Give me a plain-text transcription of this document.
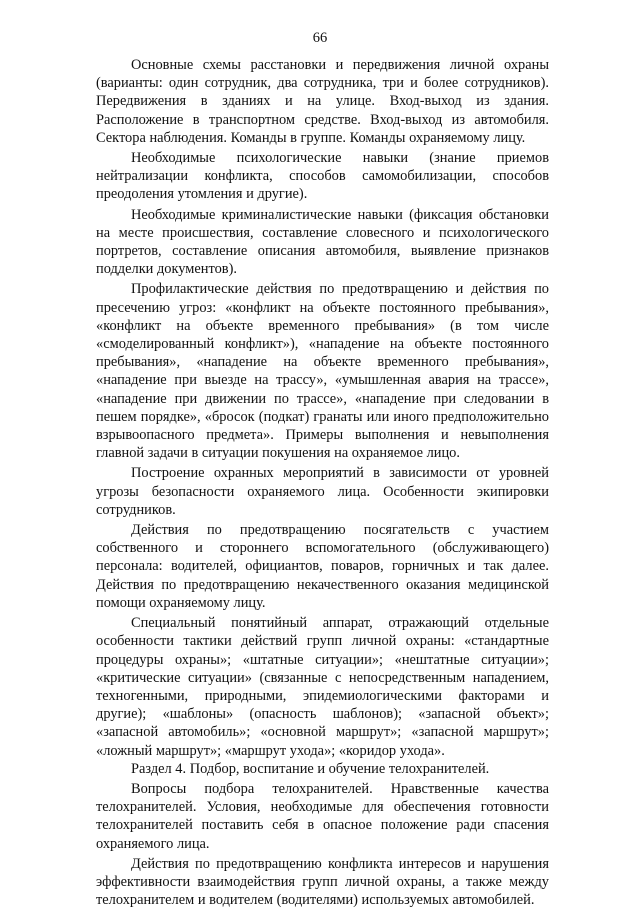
66

Основные схемы расстановки и передвижения личной охраны (варианты: один сотрудник, два сотрудника, три и более сотрудников). Передвижения в зданиях и на улице. Вход-выход из здания. Расположение в транспортном средстве. Вход-выход из автомобиля. Сектора наблюдения. Команды в группе. Команды охраняемому лицу.

Необходимые психологические навыки (знание приемов нейтрализации конфликта, способов самомобилизации, способов преодоления утомления и другие).

Необходимые криминалистические навыки (фиксация обстановки на месте происшествия, составление словесного и психологического портретов, составление описания автомобиля, выявление признаков подделки документов).

Профилактические действия по предотвращению и действия по пресечению угроз: «конфликт на объекте постоянного пребывания», «конфликт на объекте временного пребывания» (в том числе «смоделированный конфликт»), «нападение на объекте постоянного пребывания», «нападение на объекте временного пребывания», «нападение при выезде на трассу», «умышленная авария на трассе», «нападение при движении по трассе», «нападение при следовании в пешем порядке», «бросок (подкат) гранаты или иного предположительно взрывоопасного предмета». Примеры выполнения и невыполнения главной задачи в ситуации покушения на охраняемое лицо.

Построение охранных мероприятий в зависимости от уровней угрозы безопасности охраняемого лица. Особенности экипировки сотрудников.

Действия по предотвращению посягательств с участием собственного и стороннего вспомогательного (обслуживающего) персонала: водителей, официантов, поваров, горничных и так далее. Действия по предотвращению некачественного оказания медицинской помощи охраняемому лицу.

Специальный понятийный аппарат, отражающий отдельные особенности тактики действий групп личной охраны: «стандартные процедуры охраны»; «штатные ситуации»; «нештатные ситуации»; «критические ситуации» (связанные с непосредственным нападением, техногенными, природными, эпидемиологическими факторами и другие); «шаблоны» (опасность шаблонов); «запасной объект»; «запасной автомобиль»; «основной маршрут»; «запасной маршрут»; «ложный маршрут»; «маршрут ухода»; «коридор ухода».

Раздел 4. Подбор, воспитание и обучение телохранителей.

Вопросы подбора телохранителей. Нравственные качества телохранителей. Условия, необходимые для обеспечения готовности телохранителей поставить себя в опасное положение ради спасения охраняемого лица.

Действия по предотвращению конфликта интересов и нарушения эффективности взаимодействия групп личной охраны, а также между телохранителем и водителем (водителями) используемых автомобилей.
